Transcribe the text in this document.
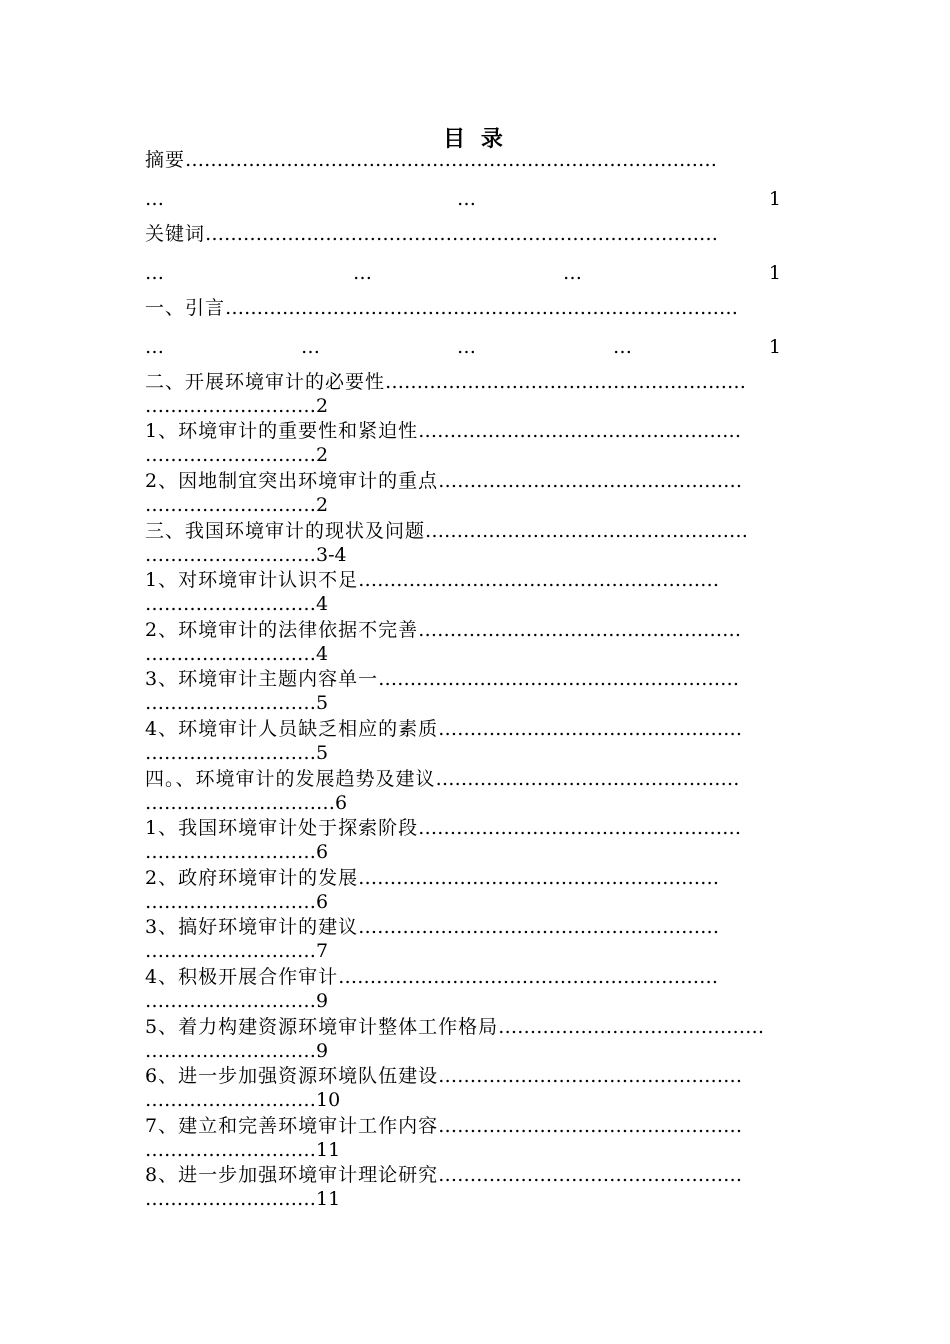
目 录
摘要…………………………………………………………………………
…	…	1
关键词………………………………………………………………………
…	…	…	1
一、引言………………………………………………………………………
…	…	…	…	1
二、开展环境审计的必要性…………………………………………………
………………………2
1、环境审计的重要性和紧迫性……………………………………………
………………………2
2、因地制宜突出环境审计的重点…………………………………………
………………………2
三、我国环境审计的现状及问题……………………………………………
………………………3-4
1、对环境审计认识不足…………………………………………………
………………………4
2、环境审计的法律依据不完善……………………………………………
………………………4
3、环境审计主题内容单一…………………………………………………
………………………5
4、环境审计人员缺乏相应的素质…………………………………………
………………………5
四。、环境审计的发展趋势及建议…………………………………………
…………………………6
1、我国环境审计处于探索阶段……………………………………………
………………………6
2、政府环境审计的发展…………………………………………………
………………………6
3、搞好环境审计的建议…………………………………………………
………………………7
4、积极开展合作审计……………………………………………………
………………………9
5、着力构建资源环境审计整体工作格局……………………………………
………………………9
6、进一步加强资源环境队伍建设…………………………………………
………………………10
7、建立和完善环境审计工作内容…………………………………………
………………………11
8、进一步加强环境审计理论研究…………………………………………
………………………11
